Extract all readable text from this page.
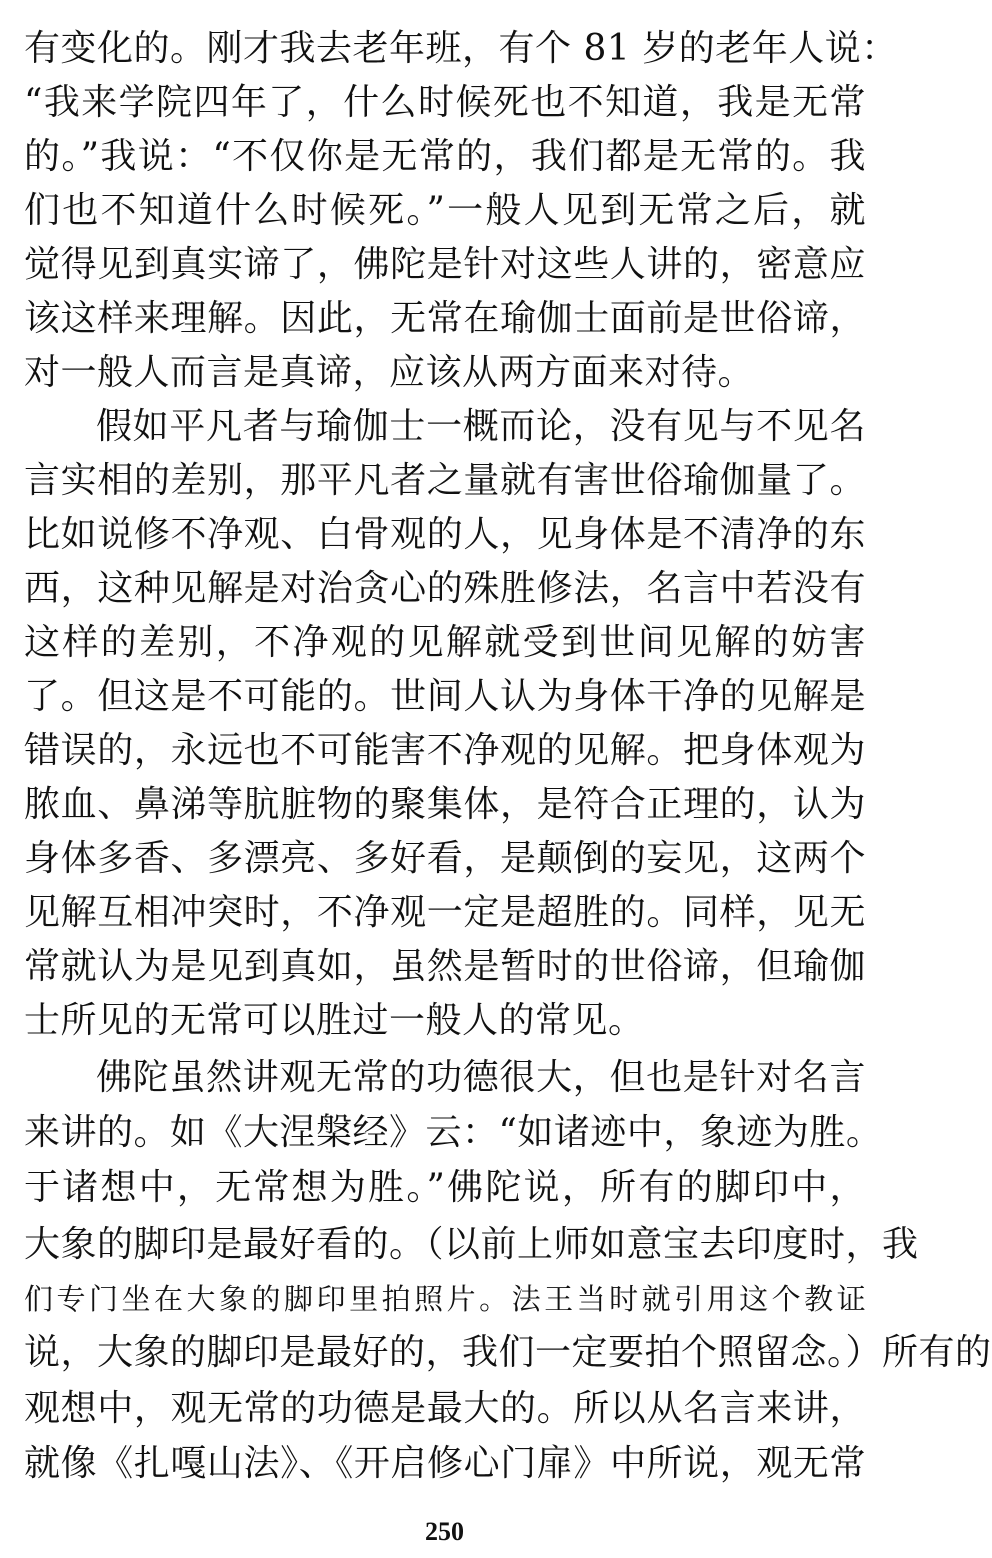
有变化的。刚才我去老年班，有个 81 岁的老年人说：
“我来学院四年了，什么时候死也不知道，我是无常
的。”我说：“不仅你是无常的，我们都是无常的。我
们也不知道什么时候死。”一般人见到无常之后，就
觉得见到真实谛了，佛陀是针对这些人讲的，密意应
该这样来理解。因此，无常在瑜伽士面前是世俗谛，
对一般人而言是真谛，应该从两方面来对待。
假如平凡者与瑜伽士一概而论，没有见与不见名
言实相的差别，那平凡者之量就有害世俗瑜伽量了。
比如说修不净观、白骨观的人，见身体是不清净的东
西，这种见解是对治贪心的殊胜修法，名言中若没有
这样的差别，不净观的见解就受到世间见解的妨害
了。但这是不可能的。世间人认为身体干净的见解是
错误的，永远也不可能害不净观的见解。把身体观为
脓血、鼻涕等肮脏物的聚集体，是符合正理的，认为
身体多香、多漂亮、多好看，是颠倒的妄见，这两个
见解互相冲突时，不净观一定是超胜的。同样，见无
常就认为是见到真如，虽然是暂时的世俗谛，但瑜伽
士所见的无常可以胜过一般人的常见。
佛陀虽然讲观无常的功德很大，但也是针对名言
来讲的。如《大涅槃经》云：“如诸迹中，象迹为胜。
于诸想中，无常想为胜。”佛陀说，所有的脚印中，
大象的脚印是最好看的。（以前上师如意宝去印度时，我
们专门坐在大象的脚印里拍照片。法王当时就引用这个教证
说，大象的脚印是最好的，我们一定要拍个照留念。）所有的
观想中，观无常的功德是最大的。所以从名言来讲，
就像《扎嘎山法》、《开启修心门扉》中所说，观无常
250
